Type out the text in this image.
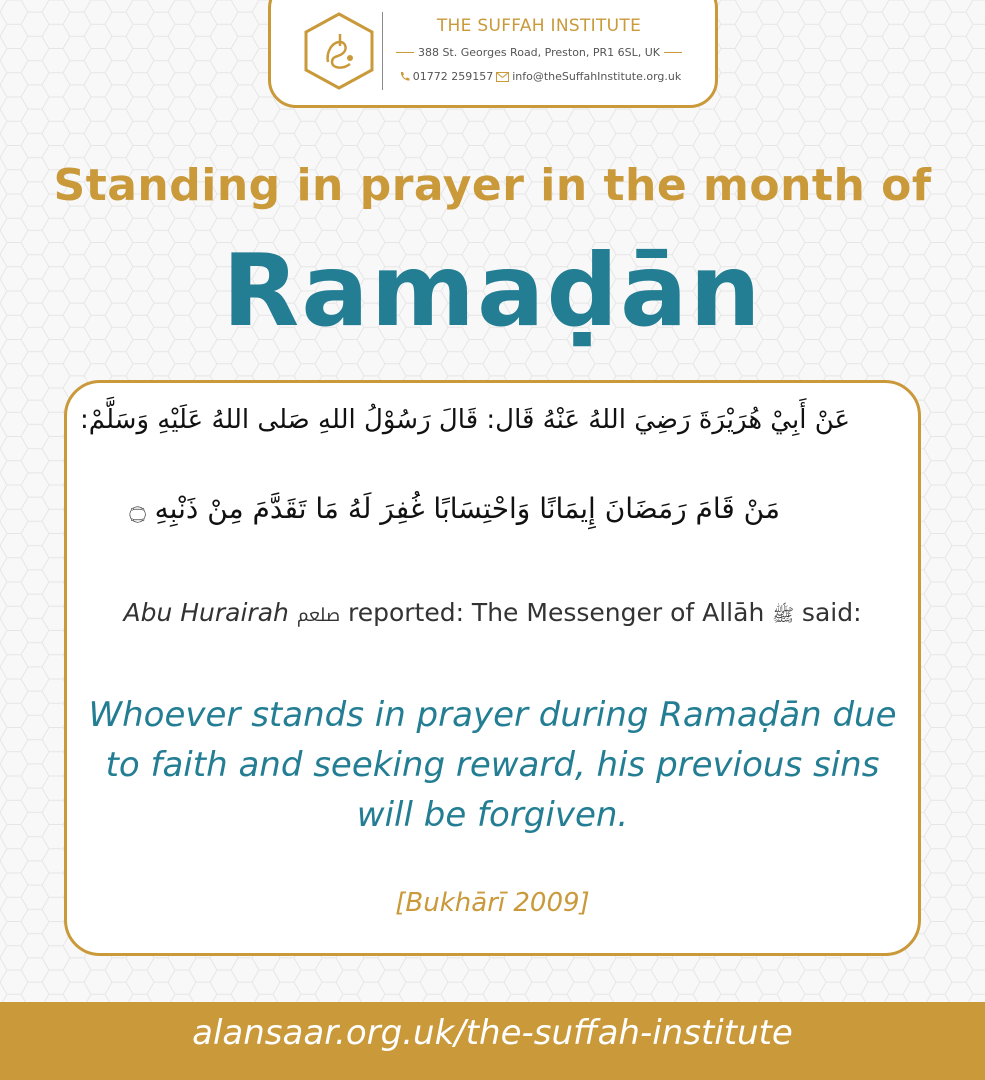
THE SUFFAH INSTITUTE
388 St. Georges Road, Preston, PR1 6SL, UK
01772 259157 info@theSuffahInstitute.org.uk
Standing in prayer in the month of
Ramaḍān
عَنْ أَبِيْ هُرَيْرَةَ رَضِيَ اللهُ عَنْهُ قَال: قَالَ رَسُوْلُ اللهِ صَلى اللهُ عَلَيْهِ وَسَلَّمْ:
مَنْ قَامَ رَمَضَانَ إِيمَانًا وَاحْتِسَابًا غُفِرَ لَهُ مَا تَقَدَّمَ مِنْ ذَنْبِهِ ۝
Abu Hurairah ﷵ reported: The Messenger of Allāh ﷺ said:
Whoever stands in prayer during Ramaḍān due to faith and seeking reward, his previous sins will be forgiven.
[Bukhārī 2009]
alansaar.org.uk/the-suffah-institute
